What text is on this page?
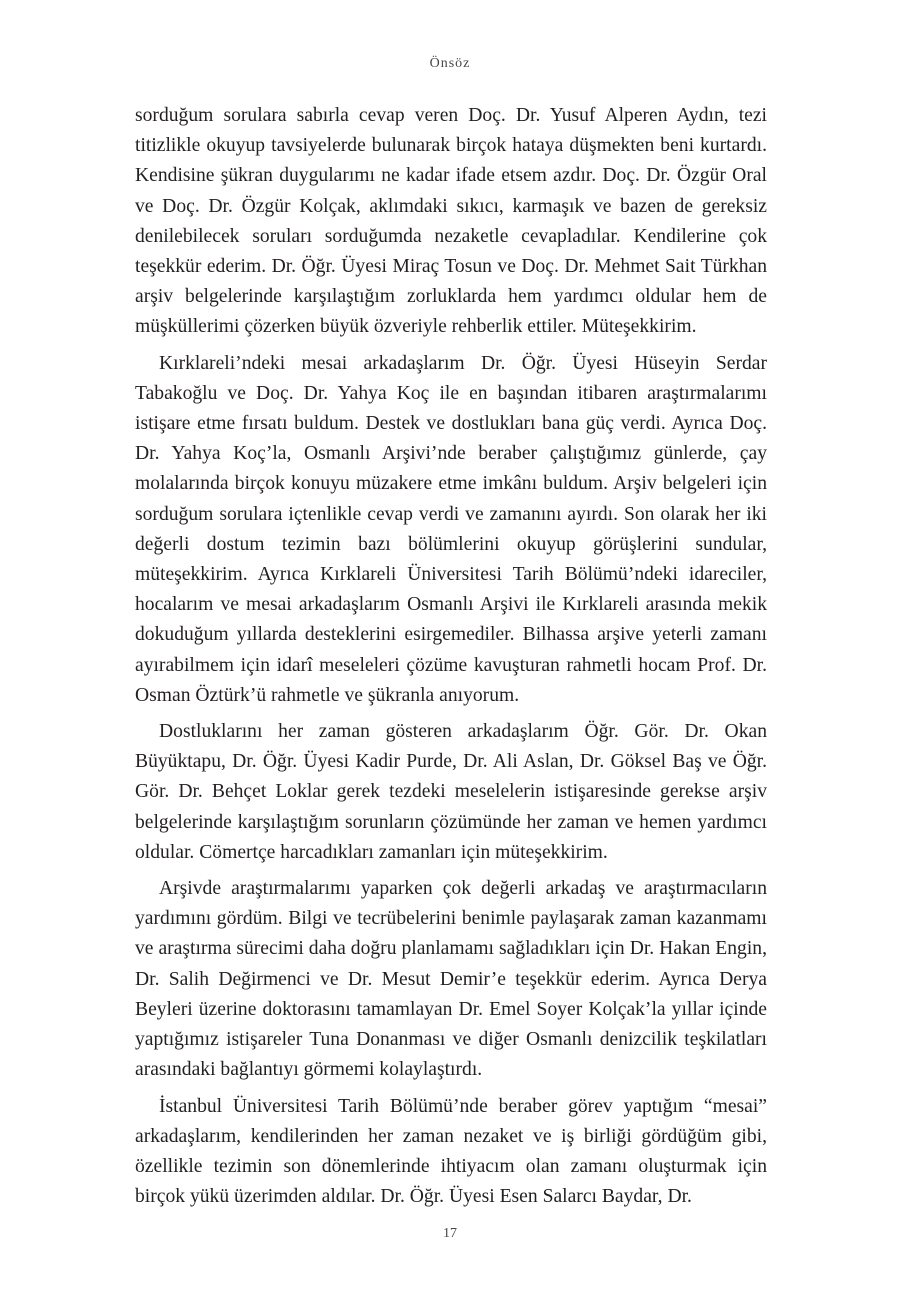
Önsöz

sorduğum sorulara sabırla cevap veren Doç. Dr. Yusuf Alperen Aydın, tezi titizlikle okuyup tavsiyelerde bulunarak birçok hataya düşmekten beni kurtardı. Kendisine şükran duygularımı ne kadar ifade etsem azdır. Doç. Dr. Özgür Oral ve Doç. Dr. Özgür Kolçak, aklımdaki sıkıcı, karmaşık ve bazen de gereksiz denilebilecek soruları sorduğumda nezaketle cevapladılar. Kendilerine çok teşekkür ederim. Dr. Öğr. Üyesi Miraç Tosun ve Doç. Dr. Mehmet Sait Türkhan arşiv belgelerinde karşılaştığım zorluklarda hem yardımcı oldular hem de müşküllerimi çözerken büyük özveriyle rehberlik ettiler. Müteşekkirim.

Kırklareli’ndeki mesai arkadaşlarım Dr. Öğr. Üyesi Hüseyin Serdar Tabakoğlu ve Doç. Dr. Yahya Koç ile en başından itibaren araştırmalarımı istişare etme fırsatı buldum. Destek ve dostlukları bana güç verdi. Ayrıca Doç. Dr. Yahya Koç’la, Osmanlı Arşivi’nde beraber çalıştığımız günlerde, çay molalarında birçok konuyu müzakere etme imkânı buldum. Arşiv belgeleri için sorduğum sorulara içtenlikle cevap verdi ve zamanını ayırdı. Son olarak her iki değerli dostum tezimin bazı bölümlerini okuyup görüşlerini sundular, müteşekkirim. Ayrıca Kırklareli Üniversitesi Tarih Bölümü’ndeki idareciler, hocalarım ve mesai arkadaşlarım Osmanlı Arşivi ile Kırklareli arasında mekik dokuduğum yıllarda desteklerini esirgemediler. Bilhassa arşive yeterli zamanı ayırabilmem için idarî meseleleri çözüme kavuşturan rahmetli hocam Prof. Dr. Osman Öztürk’ü rahmetle ve şükranla anıyorum.

Dostluklarını her zaman gösteren arkadaşlarım Öğr. Gör. Dr. Okan Büyüktapu, Dr. Öğr. Üyesi Kadir Purde, Dr. Ali Aslan, Dr. Göksel Baş ve Öğr. Gör. Dr. Behçet Loklar gerek tezdeki meselelerin istişaresinde gerekse arşiv belgelerinde karşılaştığım sorunların çözümünde her zaman ve hemen yardımcı oldular. Cömertçe harcadıkları zamanları için müteşekkirim.

Arşivde araştırmalarımı yaparken çok değerli arkadaş ve araştırmacıların yardımını gördüm. Bilgi ve tecrübelerini benimle paylaşarak zaman kazanmamı ve araştırma sürecimi daha doğru planlamamı sağladıkları için Dr. Hakan Engin, Dr. Salih Değirmenci ve Dr. Mesut Demir’e teşekkür ederim. Ayrıca Derya Beyleri üzerine doktorasını tamamlayan Dr. Emel Soyer Kolçak’la yıllar içinde yaptığımız istişareler Tuna Donanması ve diğer Osmanlı denizcilik teşkilatları arasındaki bağlantıyı görmemi kolaylaştırdı.

İstanbul Üniversitesi Tarih Bölümü’nde beraber görev yaptığım “mesai” arkadaşlarım, kendilerinden her zaman nezaket ve iş birliği gördüğüm gibi, özellikle tezimin son dönemlerinde ihtiyacım olan zamanı oluşturmak için birçok yükü üzerimden aldılar. Dr. Öğr. Üyesi Esen Salarcı Baydar, Dr.

17
